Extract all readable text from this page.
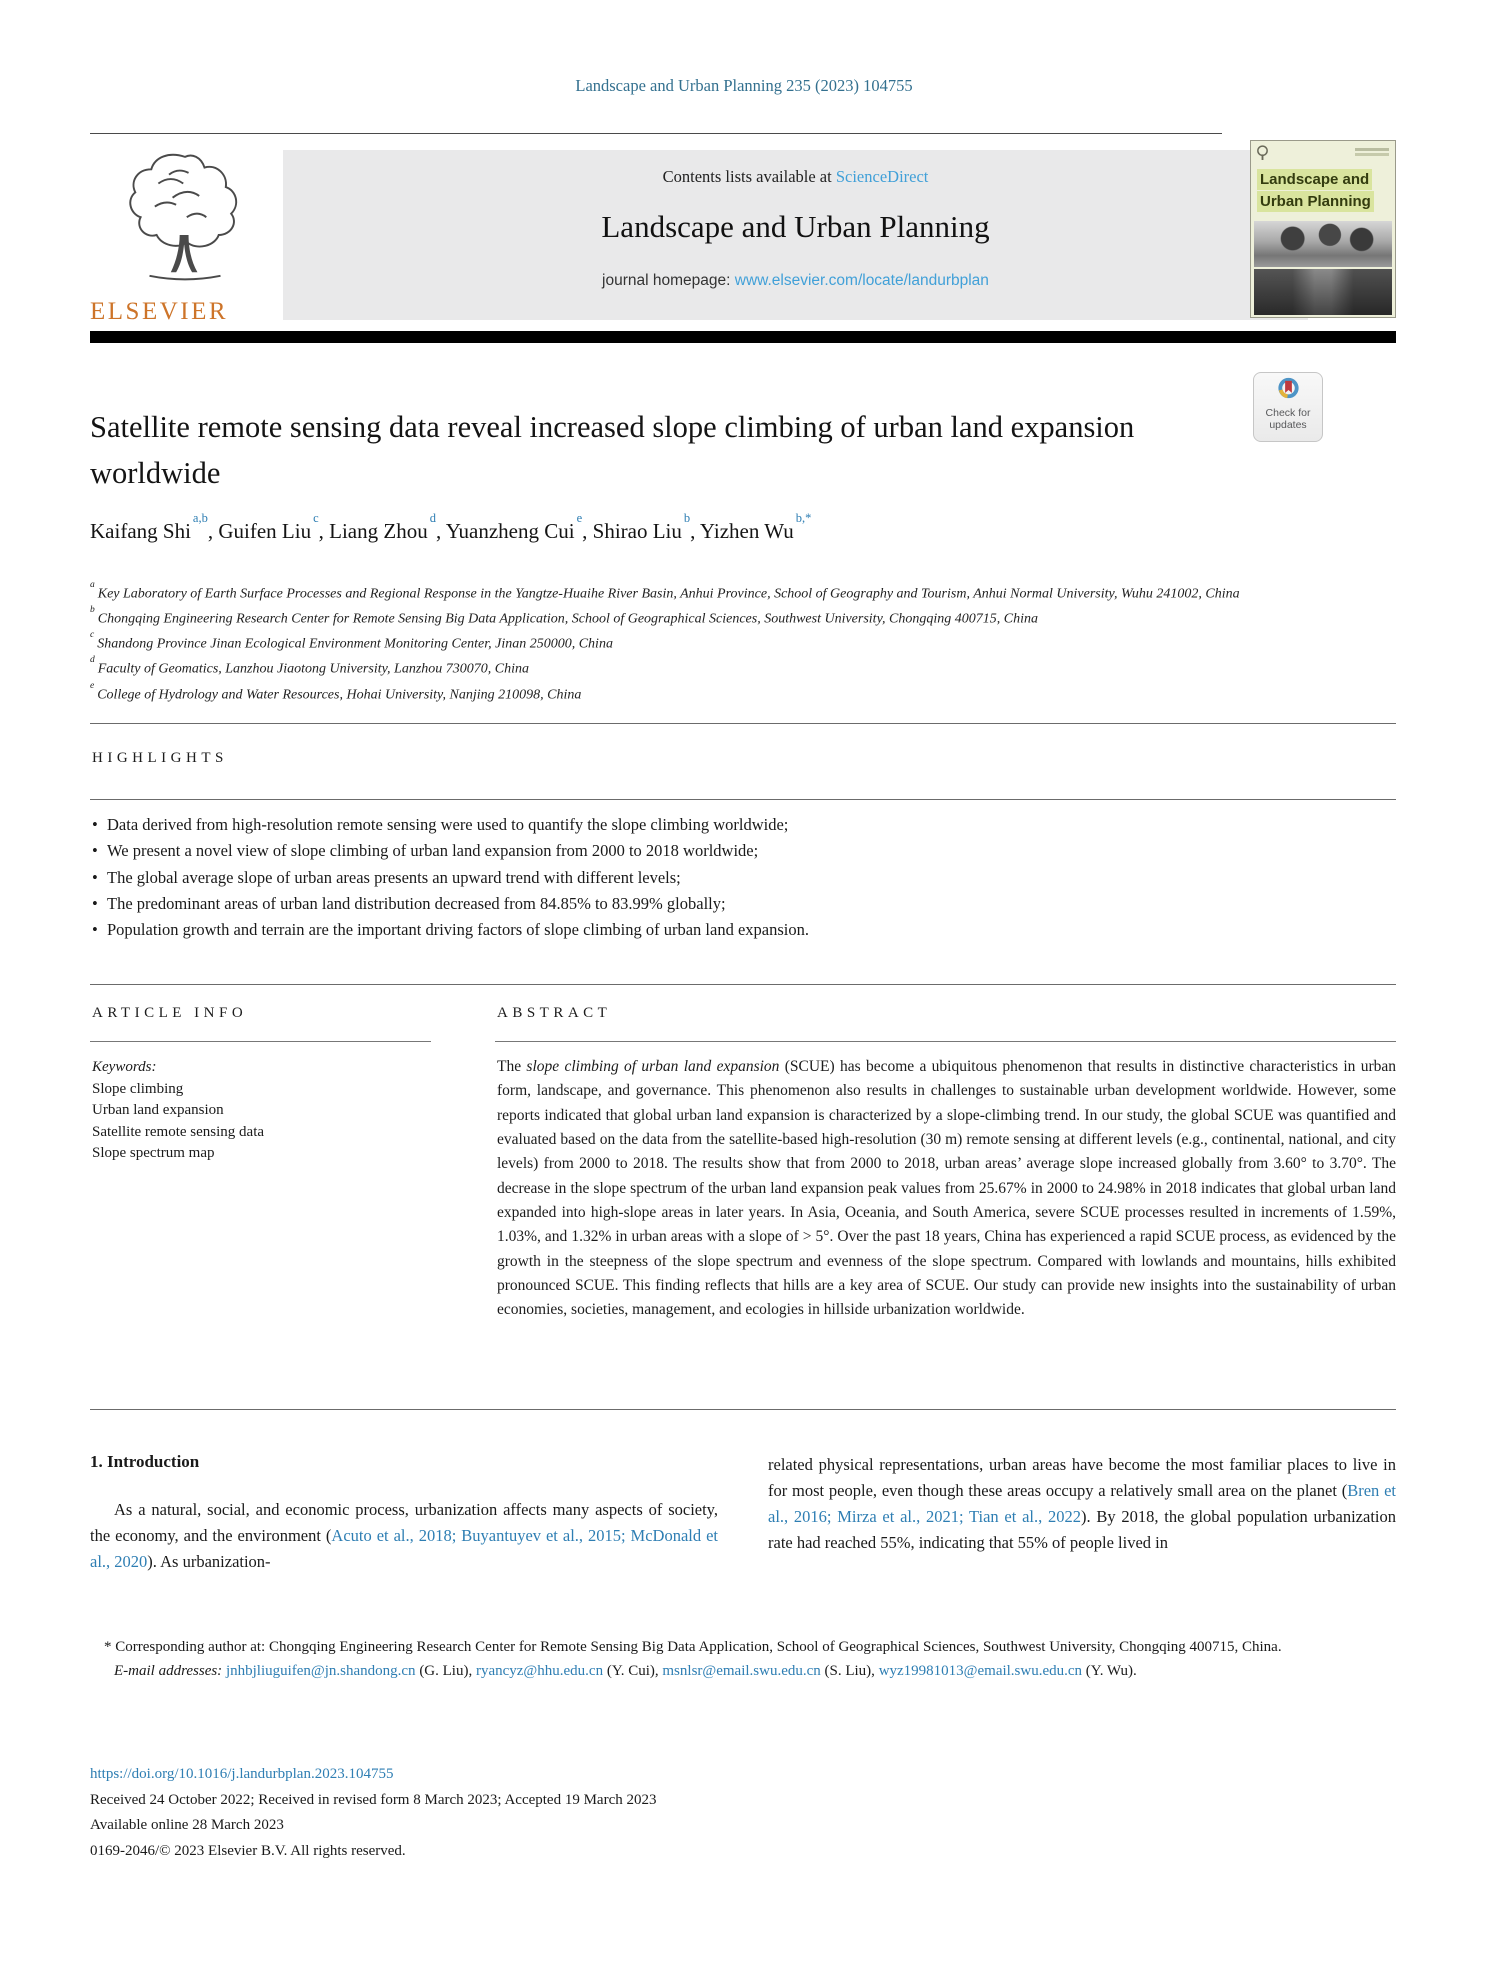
Landscape and Urban Planning 235 (2023) 104755
ELSEVIER
Contents lists available at ScienceDirect
Landscape and Urban Planning
journal homepage: www.elsevier.com/locate/landurbplan
Landscape and
Urban Planning
Satellite remote sensing data reveal increased slope climbing of urban land expansion worldwide
Check for
updates
Kaifang Shi$^{a,b}$, Guifen Liu$^c$, Liang Zhou$^d$, Yuanzheng Cui$^e$, Shirao Liu$^b$, Yizhen $Wu^{b,*}$
$^a$Key Laboratory of Earth Surface Processes and Regional Response in the Yangtze-Huaihe River Basin, Anhui Province, School of Geography and Tourism, Anhui Normal University, Wuhu 241002, China
$^b$Chongqing Engineering Research Center for Remote Sensing Big Data Application, School of Geographical Sciences, Southwest University, Chongqing 400715, China
$^c$Shandong Province Jinan Ecological Environment Monitoring Center, Jinan 250000, China
$^d$Faculty of Geomatics, Lanzhou Jiaotong University, Lanzhou 730070, China
$^e$College of Hydrology and Water Resources, Hohai University, Nanjing 210098, China
HIGHLIGHTS
• Data derived from high-resolution remote sensing were used to quantify the slope climbing worldwide;
• We present a novel view of slope climbing of urban land expansion from 2000 to 2018 worldwide;
• The global average slope of urban areas presents an upward trend with different levels;
• The predominant areas of urban land distribution decreased from 84.85% to 83.99% globally;
• Population growth and terrain are the important driving factors of slope climbing of urban land expansion.
ARTICLE INFO	ABSTRACT
Keywords:
Slope climbing
Urban land expansion
Satellite remote sensing data
Slope spectrum map
The slope climbing of urban land expansion (SCUE) has become a ubiquitous phenomenon that results in distinctive characteristics in urban form, landscape, and governance. This phenomenon also results in challenges to sustainable urban development worldwide. However, some reports indicated that global urban land expansion is characterized by a slope-climbing trend. In our study, the global SCUE was quantified and evaluated based on the data from the satellite-based high-resolution (30 m) remote sensing at different levels (e.g., continental, national, and city levels) from 2000 to 2018. The results show that from 2000 to 2018, urban areas’ average slope increased globally from 3.60° to 3.70°. The decrease in the slope spectrum of the urban land expansion peak values from 25.67% in 2000 to 24.98% in 2018 indicates that global urban land expanded into high-slope areas in later years. In Asia, Oceania, and South America, severe SCUE processes resulted in increments of 1.59%, 1.03%, and 1.32% in urban areas with a slope of > 5°. Over the past 18 years, China has experienced a rapid SCUE process, as evidenced by the growth in the steepness of the slope spectrum and evenness of the slope spectrum. Compared with lowlands and mountains, hills exhibited pronounced SCUE. This finding reflects that hills are a key area of SCUE. Our study can provide new insights into the sustainability of urban economies, societies, management, and ecologies in hillside urbanization worldwide.
1. Introduction

As a natural, social, and economic process, urbanization affects many aspects of society, the economy, and the environment (Acuto et al., 2018; Buyantuyev et al., 2015; McDonald et al., 2020). As urbanization-

related physical representations, urban areas have become the most familiar places to live in for most people, even though these areas occupy a relatively small area on the planet (Bren et al., 2016; Mirza et al., 2021; Tian et al., 2022). By 2018, the global population urbanization rate had reached 55%, indicating that 55% of people lived in

* Corresponding author at: Chongqing Engineering Research Center for Remote Sensing Big Data Application, School of Geographical Sciences, Southwest University, Chongqing 400715, China.

E-mail addresses: jnhbjliuguifen@jn.shandong.cn (G. Liu), ryancyz@hhu.edu.cn (Y. Cui), msnlsr@email.swu.edu.cn (S. Liu), wyz19981013@email.swu.edu.cn (Y. Wu).

https://doi.org/10.1016/j.landurbplan.2023.104755
Received 24 October 2022; Received in revised form 8 March 2023; Accepted 19 March 2023
Available online 28 March 2023
0169-2046/© 2023 Elsevier B.V. All rights reserved.
